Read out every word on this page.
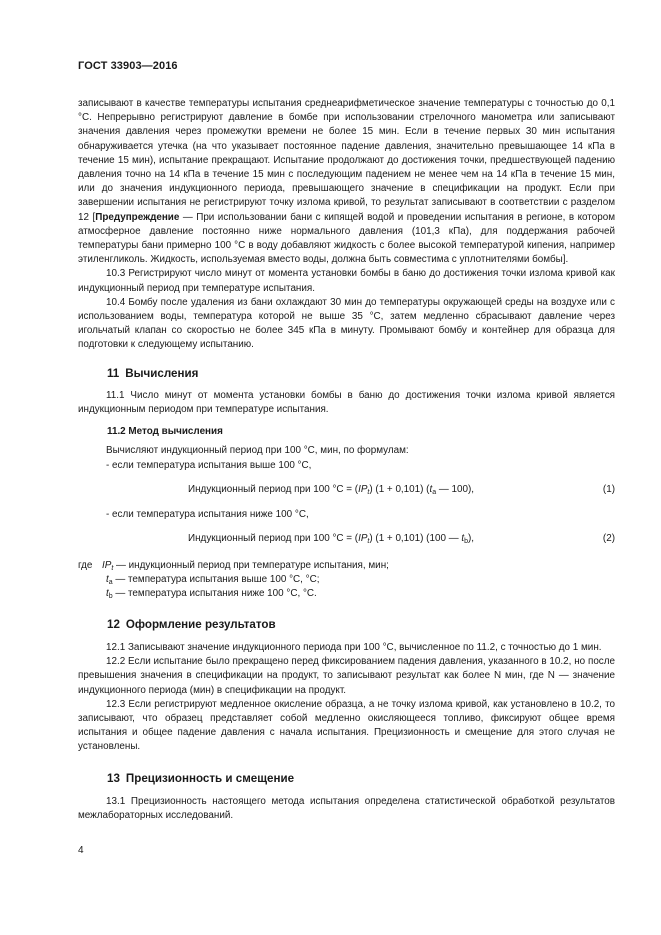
ГОСТ 33903—2016

записывают в качестве температуры испытания среднеарифметическое значение температуры с точностью до 0,1 °С. Непрерывно регистрируют давление в бомбе при использовании стрелочного манометра или записывают значения давления через промежутки времени не более 15 мин. Если в течение первых 30 мин испытания обнаруживается утечка (на что указывает постоянное падение давления, значительно превышающее 14 кПа в течение 15 мин), испытание прекращают. Испытание продолжают до достижения точки, предшествующей падению давления точно на 14 кПа в течение 15 мин с последующим падением не менее чем на 14 кПа в течение 15 мин, или до значения индукционного периода, превышающего значение в спецификации на продукт. Если при завершении испытания не регистрируют точку излома кривой, то результат записывают в соответствии с разделом 12 [Предупреждение — При использовании бани с кипящей водой и проведении испытания в регионе, в котором атмосферное давление постоянно ниже нормального давления (101,3 кПа), для поддержания рабочей температуры бани примерно 100 °С в воду добавляют жидкость с более высокой температурой кипения, например этиленгликоль. Жидкость, используемая вместо воды, должна быть совместима с уплотнителями бомбы].

10.3 Регистрируют число минут от момента установки бомбы в баню до достижения точки излома кривой как индукционный период при температуре испытания.

10.4 Бомбу после удаления из бани охлаждают 30 мин до температуры окружающей среды на воздухе или с использованием воды, температура которой не выше 35 °С, затем медленно сбрасывают давление через игольчатый клапан со скоростью не более 345 кПа в минуту. Промывают бомбу и контейнер для образца для подготовки к следующему испытанию.

11 Вычисления

11.1 Число минут от момента установки бомбы в баню до достижения точки излома кривой является индукционным периодом при температуре испытания.

11.2 Метод вычисления

Вычисляют индукционный период при 100 °С, мин, по формулам:

- если температура испытания выше 100 °С,

Индукционный период при 100 $^\circ С = (IP_t) (1 + 0,101)$ ($t_a$ — 100),	(1)

- если температура испытания ниже 100 °С,

Индукционный период при 100 $^\circ С = (IP_t) (1 + 0,101)$ (100 — $t_b$),	(2)

где $IP_t$ — индукционный период при температуре испытания, мин;

$t_a$ — температура испытания выше 100 °С, °С;

$t_b$ — температура испытания ниже 100 °С, °С.

12 Оформление результатов

12.1 Записывают значение индукционного периода при 100 °С, вычисленное по 11.2, с точностью до 1 мин.

12.2 Если испытание было прекращено перед фиксированием падения давления, указанного в 10.2, но после превышения значения в спецификации на продукт, то записывают результат как более N мин, где N — значение индукционного периода (мин) в спецификации на продукт.

12.3 Если регистрируют медленное окисление образца, а не точку излома кривой, как установлено в 10.2, то записывают, что образец представляет собой медленно окисляющееся топливо, фиксируют общее время испытания и общее падение давления с начала испытания. Прецизионность и смещение для этого случая не установлены.

13 Прецизионность и смещение

13.1 Прецизионность настоящего метода испытания определена статистической обработкой результатов межлабораторных исследований.

4
